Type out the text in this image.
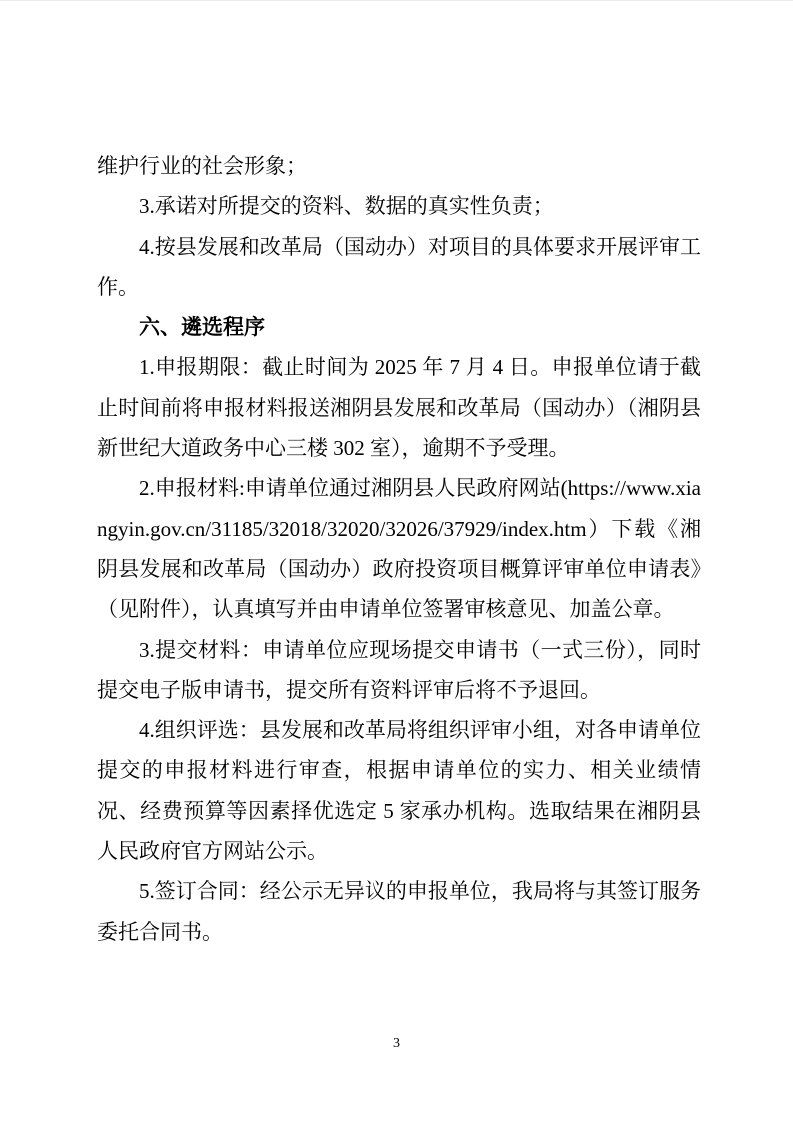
维护行业的社会形象；

3.承诺对所提交的资料、数据的真实性负责；

4.按县发展和改革局（国动办）对项目的具体要求开展评审工作。

六、遴选程序

1.申报期限：截止时间为 2025 年 7 月 4 日。申报单位请于截止时间前将申报材料报送湘阴县发展和改革局（国动办）（湘阴县新世纪大道政务中心三楼 302 室），逾期不予受理。

2.申报材料:申请单位通过湘阴县人民政府网站(https://www.xiangyin.gov.cn/31185/32018/32020/32026/37929/index.htm）下载《湘阴县发展和改革局（国动办）政府投资项目概算评审单位申请表》（见附件），认真填写并由申请单位签署审核意见、加盖公章。

3.提交材料：申请单位应现场提交申请书（一式三份），同时提交电子版申请书，提交所有资料评审后将不予退回。

4.组织评选：县发展和改革局将组织评审小组，对各申请单位提交的申报材料进行审查，根据申请单位的实力、相关业绩情况、经费预算等因素择优选定 5 家承办机构。选取结果在湘阴县人民政府官方网站公示。

5.签订合同：经公示无异议的申报单位，我局将与其签订服务委托合同书。

3
